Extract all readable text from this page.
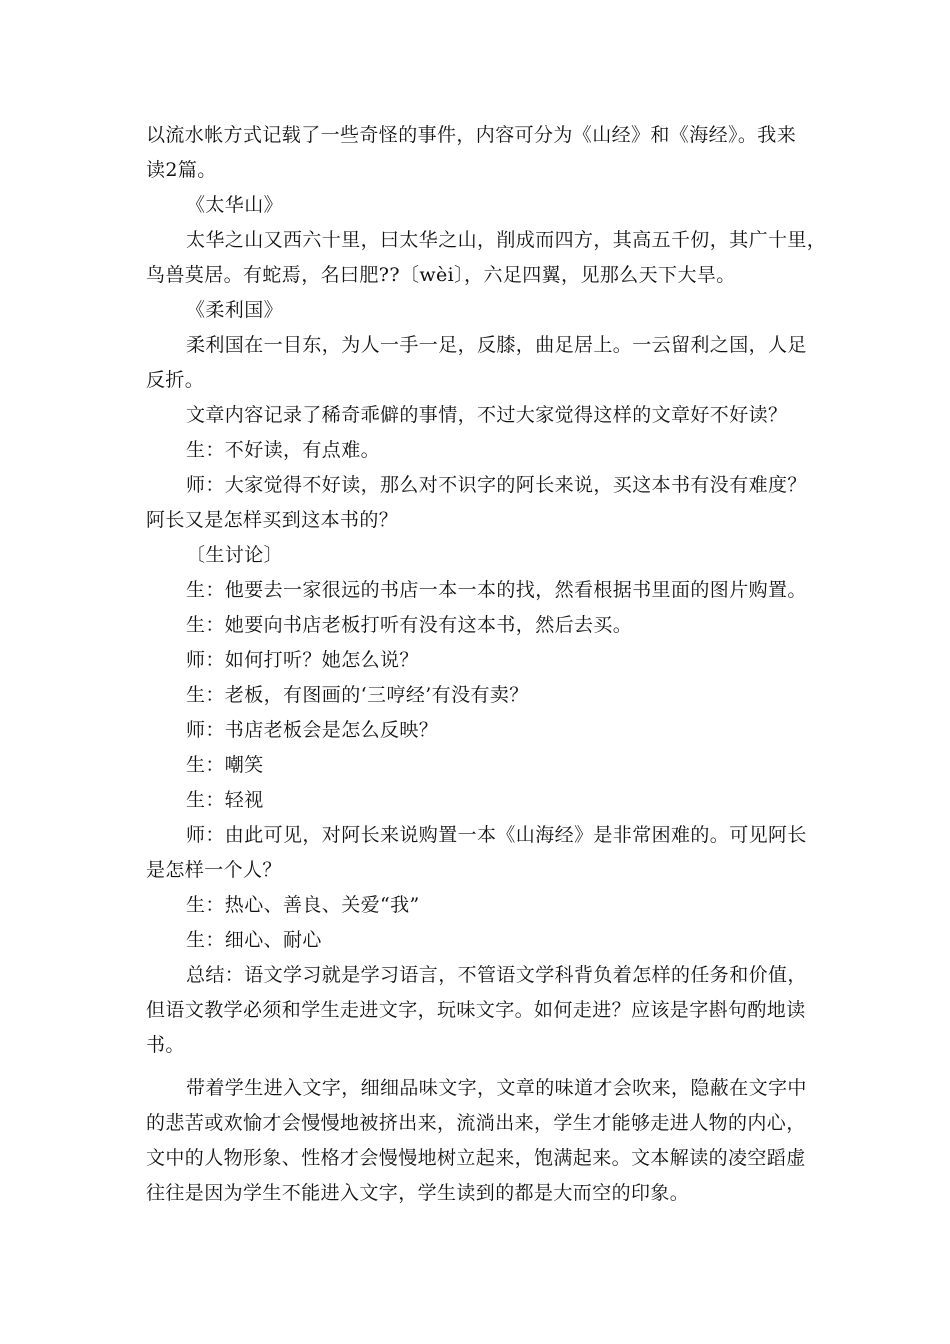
以流水帐方式记载了一些奇怪的事件，内容可分为《山经》和《海经》。我来
读2篇。
《太华山》
太华之山又西六十里，曰太华之山，削成而四方，其高五千仞，其广十里，
鸟兽莫居。有蛇焉，名曰肥??〔wèi〕，六足四翼，见那么天下大旱。
《柔利国》
柔利国在一目东，为人一手一足，反膝，曲足居上。一云留利之国，人足
反折。
文章内容记录了稀奇乖僻的事情，不过大家觉得这样的文章好不好读？
生：不好读，有点难。
师：大家觉得不好读，那么对不识字的阿长来说，买这本书有没有难度？
阿长又是怎样买到这本书的？
〔生讨论〕
生：他要去一家很远的书店一本一本的找，然看根据书里面的图片购置。
生：她要向书店老板打听有没有这本书，然后去买。
师：如何打听？她怎么说？
生：老板，有图画的‘三哼经’有没有卖？
师：书店老板会是怎么反映？
生：嘲笑
生：轻视
师：由此可见，对阿长来说购置一本《山海经》是非常困难的。可见阿长
是怎样一个人？
生：热心、善良、关爱“我”
生：细心、耐心
总结：语文学习就是学习语言，不管语文学科背负着怎样的任务和价值，
但语文教学必须和学生走进文字，玩味文字。如何走进？应该是字斟句酌地读
书。
带着学生进入文字，细细品味文字，文章的味道才会吹来，隐蔽在文字中
的悲苦或欢愉才会慢慢地被挤出来，流淌出来，学生才能够走进人物的内心，
文中的人物形象、性格才会慢慢地树立起来，饱满起来。文本解读的凌空蹈虚
往往是因为学生不能进入文字，学生读到的都是大而空的印象。
